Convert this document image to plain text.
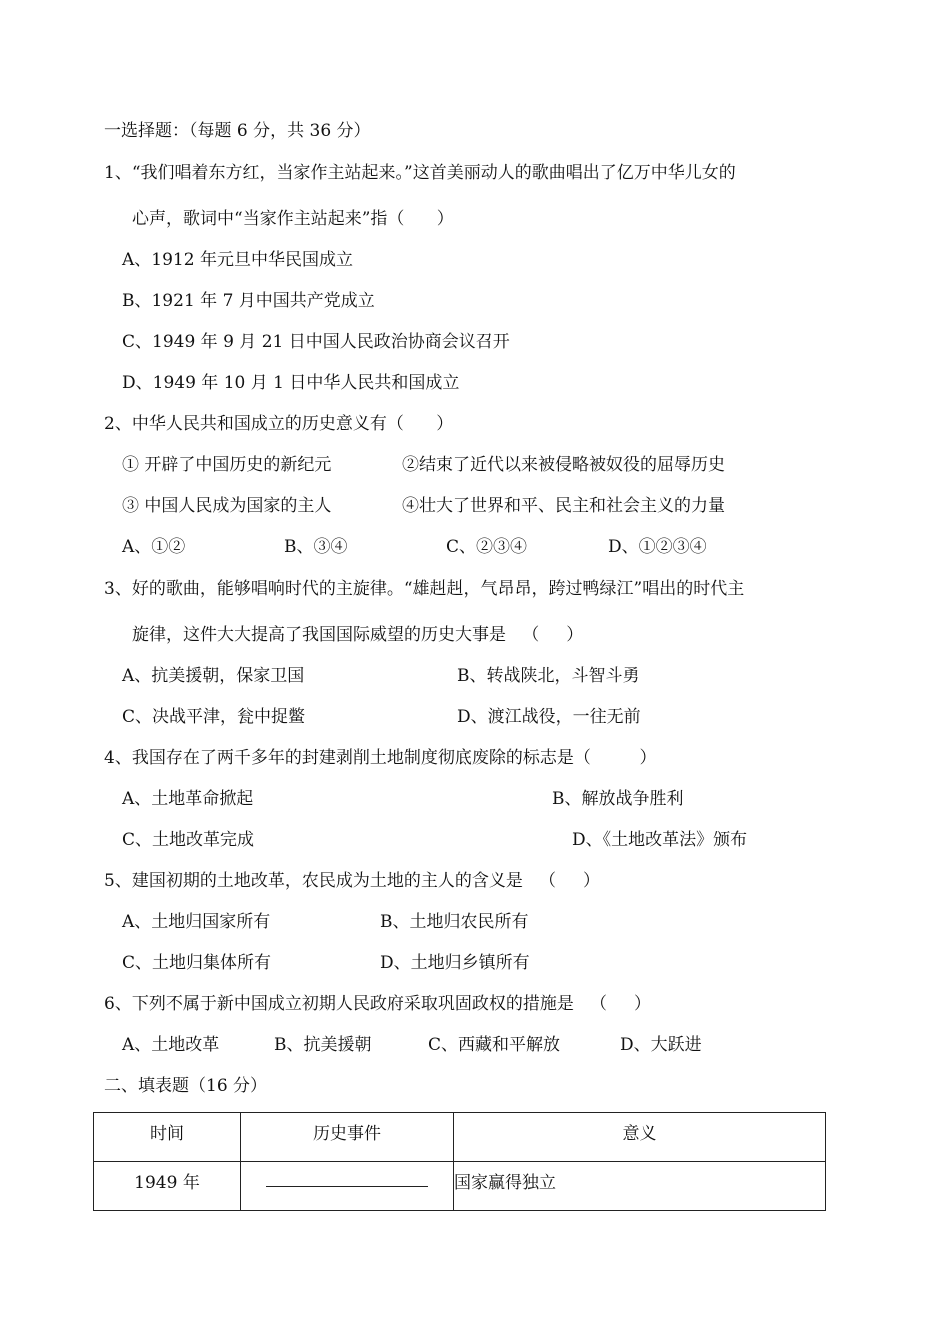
一选择题：（每题 6 分，共 36 分）
1、“我们唱着东方红，当家作主站起来。”这首美丽动人的歌曲唱出了亿万中华儿女的
心声，歌词中“当家作主站起来”指（      ）
A、1912 年元旦中华民国成立
B、1921 年 7 月中国共产党成立
C、1949 年 9 月 21 日中国人民政治协商会议召开
D、1949 年 10 月 1 日中华人民共和国成立
2、中华人民共和国成立的历史意义有（      ）
① 开辟了中国历史的新纪元	②结束了近代以来被侵略被奴役的屈辱历史
③ 中国人民成为国家的主人	④壮大了世界和平、民主和社会主义的力量
A、①②	B、③④	C、②③④	D、①②③④
3、好的歌曲，能够唱响时代的主旋律。“雄赳赳，气昂昂，跨过鸭绿江”唱出的时代主
旋律，这件大大提高了我国国际威望的历史大事是   （     ）
A、抗美援朝，保家卫国	B、转战陕北，斗智斗勇
C、决战平津，瓮中捉鳖	D、渡江战役，一往无前
4、我国存在了两千多年的封建剥削土地制度彻底废除的标志是（         ）
A、土地革命掀起	B、解放战争胜利
C、土地改革完成	D、《土地改革法》颁布
5、建国初期的土地改革，农民成为土地的主人的含义是   （     ）
A、土地归国家所有	B、土地归农民所有
C、土地归集体所有	D、土地归乡镇所有
6、下列不属于新中国成立初期人民政府采取巩固政权的措施是   （     ）
A、土地改革	B、抗美援朝	C、西藏和平解放	D、大跃进
二、填表题（16 分）
时间	历史事件	意义
1949 年		国家赢得独立
